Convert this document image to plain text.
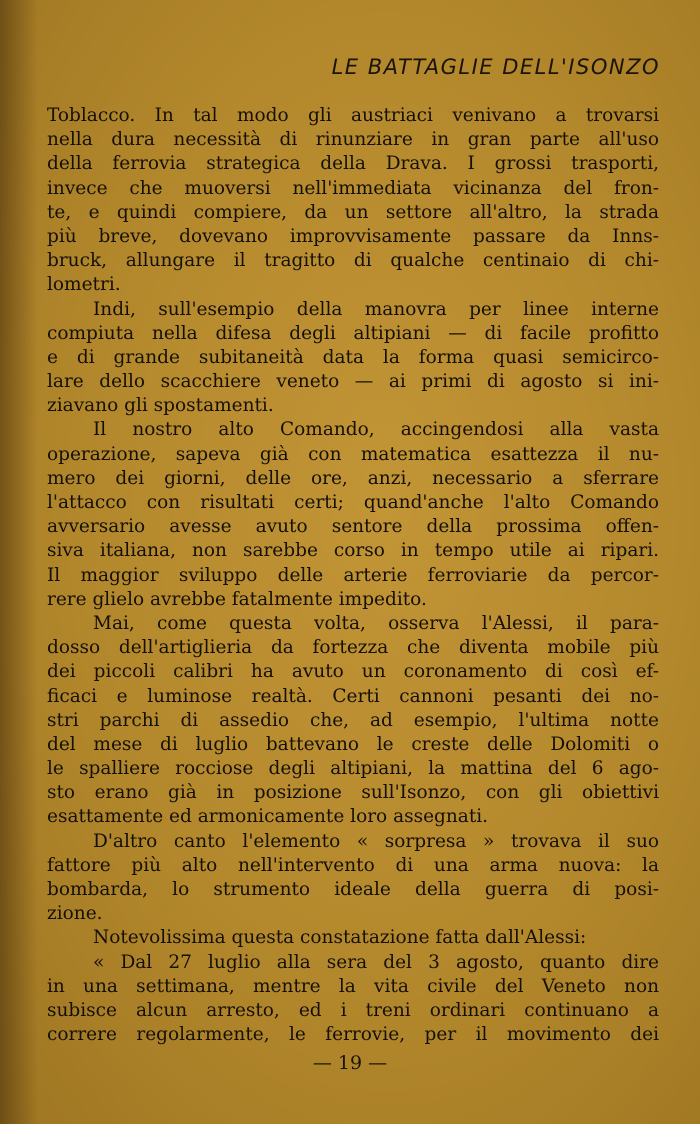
LE BATTAGLIE DELL'ISONZO
Toblacco. In tal modo gli austriaci venivano a trovarsi
nella dura necessità di rinunziare in gran parte all'uso
della ferrovia strategica della Drava. I grossi trasporti,
invece che muoversi nell'immediata vicinanza del fron-
te, e quindi compiere, da un settore all'altro, la strada
più breve, dovevano improvvisamente passare da Inns-
bruck, allungare il tragitto di qualche centinaio di chi-
lometri.
Indi, sull'esempio della manovra per linee interne
compiuta nella difesa degli altipiani — di facile profitto
e di grande subitaneità data la forma quasi semicirco-
lare dello scacchiere veneto — ai primi di agosto si ini-
ziavano gli spostamenti.
Il nostro alto Comando, accingendosi alla vasta
operazione, sapeva già con matematica esattezza il nu-
mero dei giorni, delle ore, anzi, necessario a sferrare
l'attacco con risultati certi; quand'anche l'alto Comando
avversario avesse avuto sentore della prossima offen-
siva italiana, non sarebbe corso in tempo utile ai ripari.
Il maggior sviluppo delle arterie ferroviarie da percor-
rere glielo avrebbe fatalmente impedito.
Mai, come questa volta, osserva l'Alessi, il para-
dosso dell'artiglieria da fortezza che diventa mobile più
dei piccoli calibri ha avuto un coronamento di così ef-
ficaci e luminose realtà. Certi cannoni pesanti dei no-
stri parchi di assedio che, ad esempio, l'ultima notte
del mese di luglio battevano le creste delle Dolomiti o
le spalliere rocciose degli altipiani, la mattina del 6 ago-
sto erano già in posizione sull'Isonzo, con gli obiettivi
esattamente ed armonicamente loro assegnati.
D'altro canto l'elemento « sorpresa » trovava il suo
fattore più alto nell'intervento di una arma nuova: la
bombarda, lo strumento ideale della guerra di posi-
zione.
Notevolissima questa constatazione fatta dall'Alessi:
« Dal 27 luglio alla sera del 3 agosto, quanto dire
in una settimana, mentre la vita civile del Veneto non
subisce alcun arresto, ed i treni ordinari continuano a
correre regolarmente, le ferrovie, per il movimento dei
— 19 —
